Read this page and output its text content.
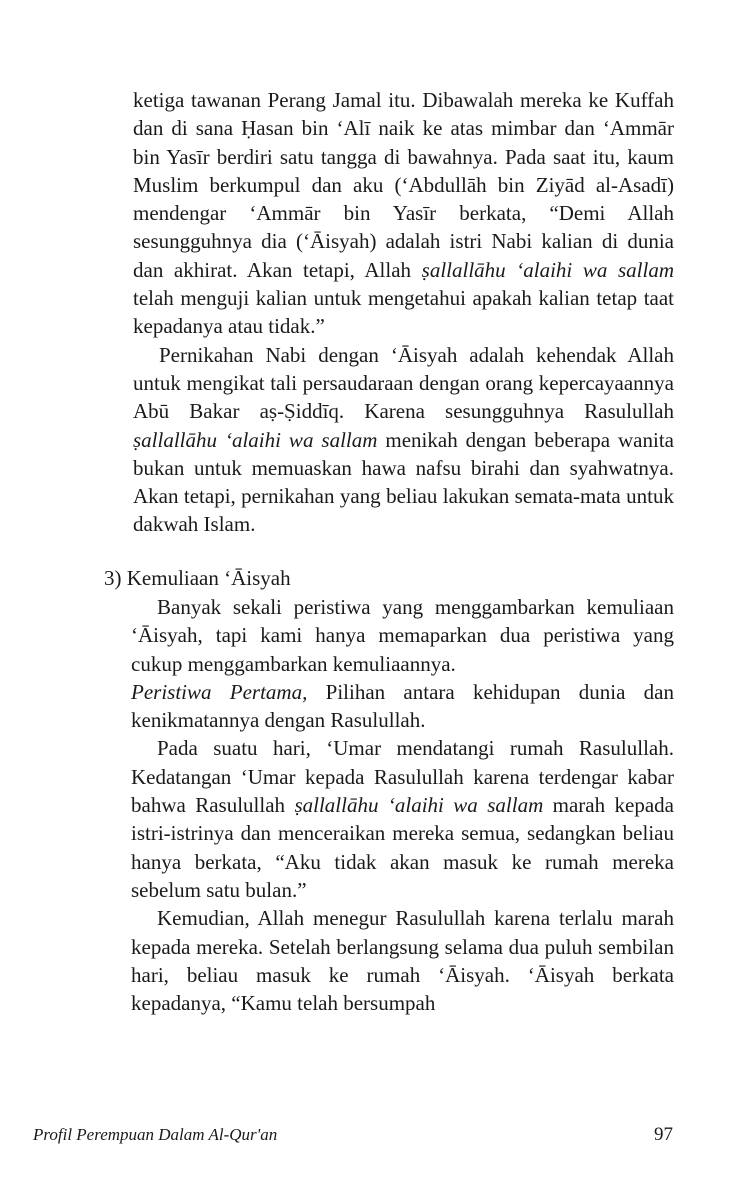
ketiga tawanan Perang Jamal itu. Dibawalah mereka ke Kuffah dan di sana Ḥasan bin ‘Alī naik ke atas mimbar dan ‘Ammār bin Yasīr berdiri satu tangga di bawahnya. Pada saat itu, kaum Muslim berkumpul dan aku (‘Abdullāh bin Ziyād al-Asadī) mendengar ‘Ammār bin Yasīr berkata, “Demi Allah sesungguhnya dia (‘Āisyah) adalah istri Nabi kalian di dunia dan akhirat. Akan tetapi, Allah ṣallallāhu ‘alaihi wa sallam telah menguji kalian untuk mengetahui apakah kalian tetap taat kepadanya atau tidak.”

Pernikahan Nabi dengan ‘Āisyah adalah kehendak Allah untuk mengikat tali persaudaraan dengan orang kepercayaannya Abū Bakar aṣ-Ṣiddīq. Karena sesungguhnya Rasulullah ṣallallāhu ‘alaihi wa sallam menikah dengan beberapa wanita bukan untuk memuaskan hawa nafsu birahi dan syahwatnya. Akan tetapi, pernikahan yang beliau lakukan semata-mata untuk dakwah Islam.

3) Kemuliaan ‘Āisyah

Banyak sekali peristiwa yang menggambarkan kemuliaan ‘Āisyah, tapi kami hanya memaparkan dua peristiwa yang cukup menggambarkan kemuliaannya.

Peristiwa Pertama, Pilihan antara kehidupan dunia dan kenikmatannya dengan Rasulullah.

Pada suatu hari, ‘Umar mendatangi rumah Rasulullah. Kedatangan ‘Umar kepada Rasulullah karena terdengar kabar bahwa Rasulullah ṣallallāhu ‘alaihi wa sallam marah kepada istri-istrinya dan menceraikan mereka semua, sedangkan beliau hanya berkata, “Aku tidak akan masuk ke rumah mereka sebelum satu bulan.”

Kemudian, Allah menegur Rasulullah karena terlalu marah kepada mereka. Setelah berlangsung selama dua puluh sembilan hari, beliau masuk ke rumah ‘Āisyah. ‘Āisyah berkata kepadanya, “Kamu telah bersumpah

Profil Perempuan Dalam Al-Qur'an	97
